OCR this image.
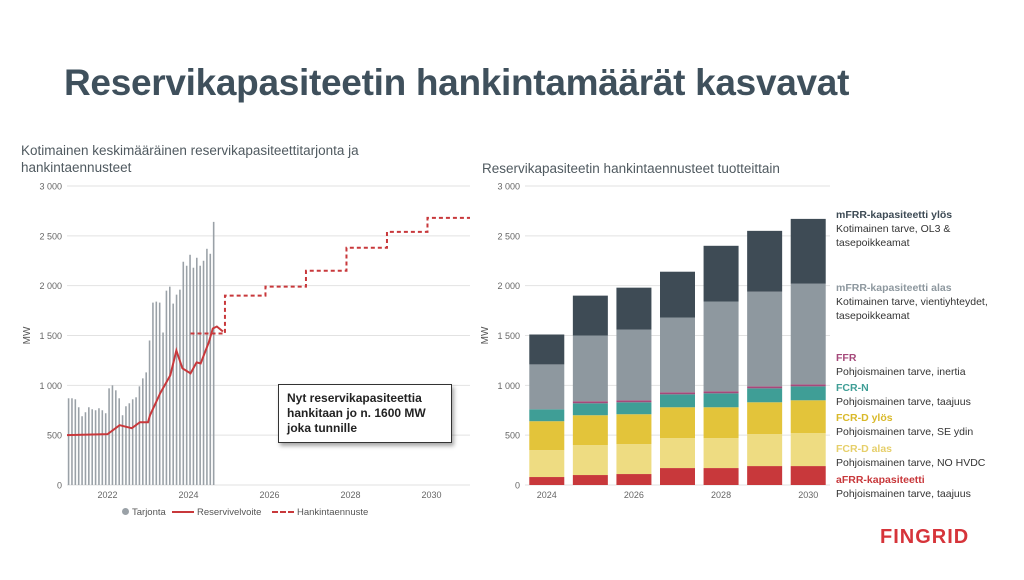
Reservikapasiteetin hankintamäärät kasvavat
Kotimainen keskimääräinen reservikapasiteettitarjonta ja hankintaennusteet	Reservikapasiteetin hankintaennusteet tuotteittain
0
500
1 000
1 500
2 000
2 500
3 000
2022	2024	2026	2028	2030
MW
0
500
1 000
1 500
2 000
2 500
3 000
MW
2024	2026	2028	2030
Nyt reservikapasiteettia hankitaan jo n. 1600 MW joka tunnille
Tarjonta	Reservivelvoite	Hankintaennuste
mFRR-kapasiteetti ylös
Kotimainen tarve, OL3 & tasepoikkeamat
mFRR-kapasiteetti alas
Kotimainen tarve, vientiyhteydet, tasepoikkeamat
FFR
Pohjoismainen tarve, inertia
FCR-N
Pohjoismainen tarve, taajuus
FCR-D ylös
Pohjoismainen tarve, SE ydin
FCR-D alas
Pohjoismainen tarve, NO HVDC
aFRR-kapasiteetti
Pohjoismainen tarve, taajuus
FINGRID
